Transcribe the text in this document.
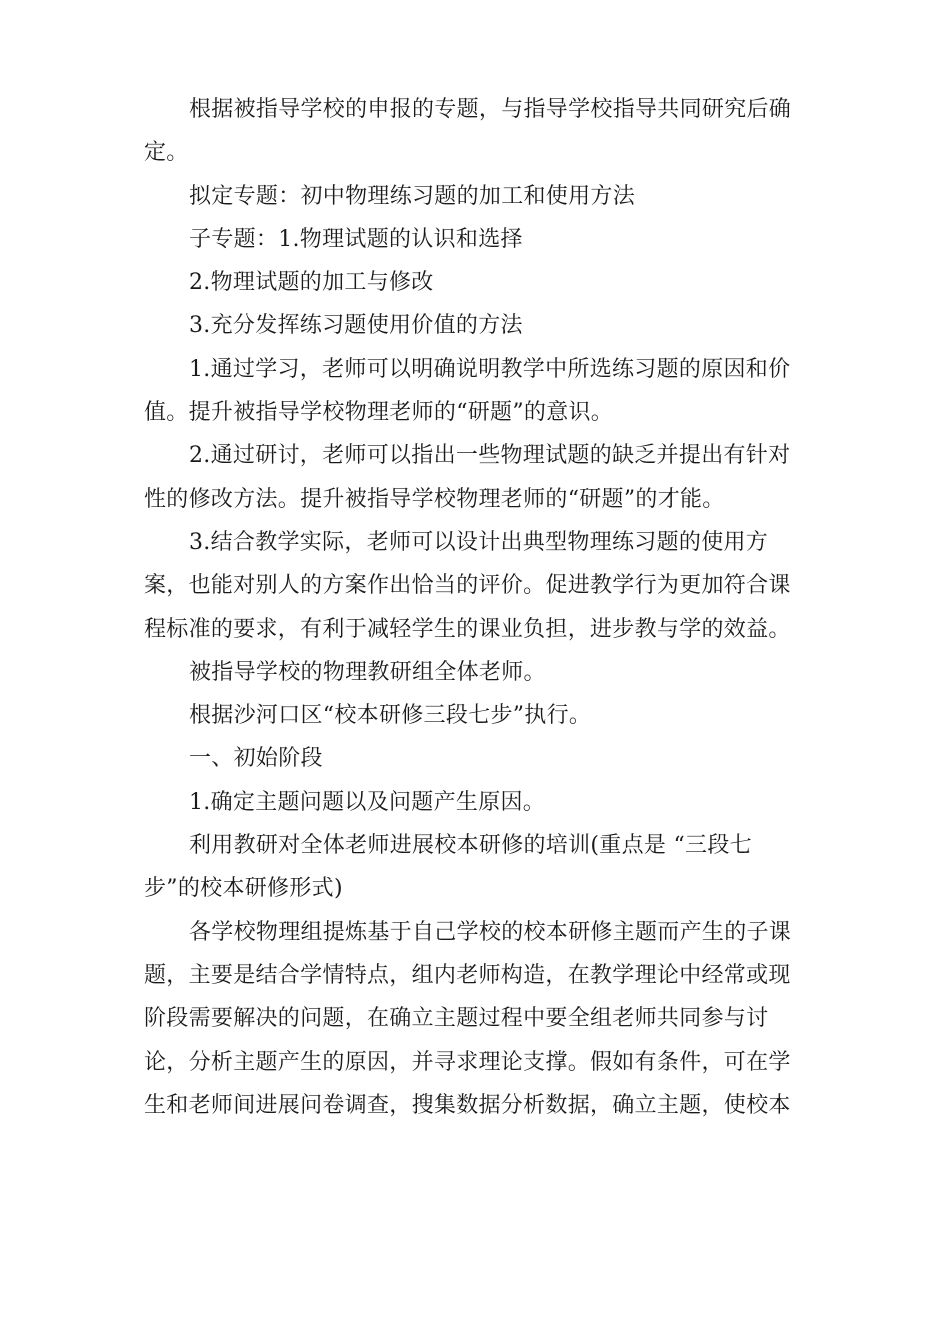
根据被指导学校的申报的专题，与指导学校指导共同研究后确
定。
拟定专题：初中物理练习题的加工和使用方法
子专题：1.物理试题的认识和选择
2.物理试题的加工与修改
3.充分发挥练习题使用价值的方法
1.通过学习，老师可以明确说明教学中所选练习题的原因和价
值。提升被指导学校物理老师的“研题”的意识。
2.通过研讨，老师可以指出一些物理试题的缺乏并提出有针对
性的修改方法。提升被指导学校物理老师的“研题”的才能。
3.结合教学实际，老师可以设计出典型物理练习题的使用方
案，也能对别人的方案作出恰当的评价。促进教学行为更加符合课
程标准的要求，有利于减轻学生的课业负担，进步教与学的效益。
被指导学校的物理教研组全体老师。
根据沙河口区“校本研修三段七步”执行。
一、初始阶段
1.确定主题问题以及问题产生原因。
利用教研对全体老师进展校本研修的培训(重点是 “三段七
步”的校本研修形式)
各学校物理组提炼基于自己学校的校本研修主题而产生的子课
题，主要是结合学情特点，组内老师构造，在教学理论中经常或现
阶段需要解决的问题，在确立主题过程中要全组老师共同参与讨
论，分析主题产生的原因，并寻求理论支撑。假如有条件，可在学
生和老师间进展问卷调查，搜集数据分析数据，确立主题，使校本
